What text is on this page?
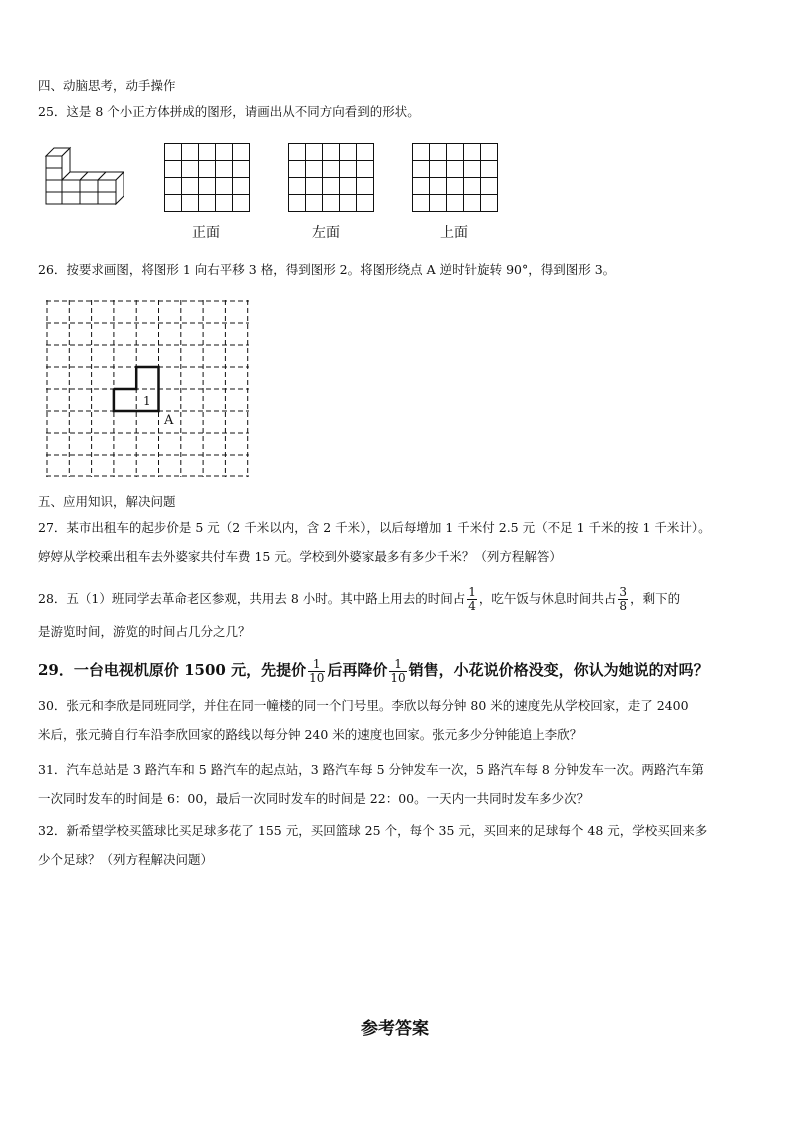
四、动脑思考，动手操作
25．这是 8 个小正方体拼成的图形，请画出从不同方向看到的形状。
正面	左面	上面
26．按要求画图，将图形 1 向右平移 3 格，得到图形 2。将图形绕点 A 逆时针旋转 90°，得到图形 3。
1
A
五、应用知识，解决问题
27．某市出租车的起步价是 5 元（2 千米以内，含 2 千米），以后每增加 1 千米付 2.5 元（不足 1 千米的按 1 千米计）。
婷婷从学校乘出租车去外婆家共付车费 15 元。学校到外婆家最多有多少千米？（列方程解答）
28．五（1）班同学去革命老区参观，共用去 8 小时。其中路上用去的时间占 $\frac{1}{4}$ ，吃午饭与休息时间共占 $\frac{3}{8}$ ，剩下的
是游览时间，游览的时间占几分之几？
29．一台电视机原价 1500 元，先提价 $\frac{1}{10}$ 后再降价 $\frac{1}{10}$ 销售，小花说价格没变，你认为她说的对吗？
30．张元和李欣是同班同学，并住在同一幢楼的同一个门号里。李欣以每分钟 80 米的速度先从学校回家，走了 2400
米后，张元骑自行车沿李欣回家的路线以每分钟 240 米的速度也回家。张元多少分钟能追上李欣？
31．汽车总站是 3 路汽车和 5 路汽车的起点站，3 路汽车每 5 分钟发车一次，5 路汽车每 8 分钟发车一次。两路汽车第
一次同时发车的时间是 6：00，最后一次同时发车的时间是 22：00。一天内一共同时发车多少次？
32．新希望学校买篮球比买足球多花了 155 元，买回篮球 25 个，每个 35 元，买回来的足球每个 48 元，学校买回来多
少个足球？（列方程解决问题）
参考答案
